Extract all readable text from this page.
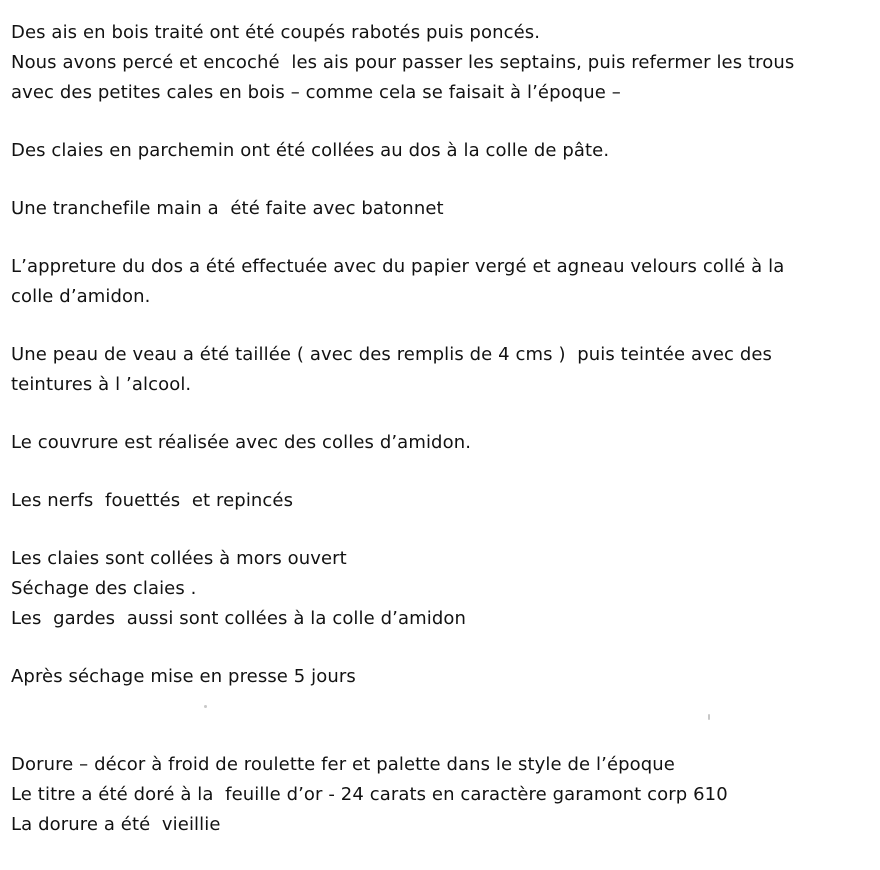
Des ais en bois traité ont été coupés rabotés puis poncés.
Nous avons percé et encoché  les ais pour passer les septains, puis refermer les trous
avec des petites cales en bois – comme cela se faisait à l’époque –
Des claies en parchemin ont été collées au dos à la colle de pâte.
Une tranchefile main a  été faite avec batonnet
L’appreture du dos a été effectuée avec du papier vergé et agneau velours collé à la
colle d’amidon.
Une peau de veau a été taillée ( avec des remplis de 4 cms )  puis teintée avec des
teintures à l ’alcool.
Le couvrure est réalisée avec des colles d’amidon.
Les nerfs  fouettés  et repincés
Les claies sont collées à mors ouvert
Séchage des claies .
Les  gardes  aussi sont collées à la colle d’amidon
Après séchage mise en presse 5 jours
Dorure – décor à froid de roulette fer et palette dans le style de l’époque
Le titre a été doré à la  feuille d’or - 24 carats en caractère garamont corp 610
La dorure a été  vieillie
